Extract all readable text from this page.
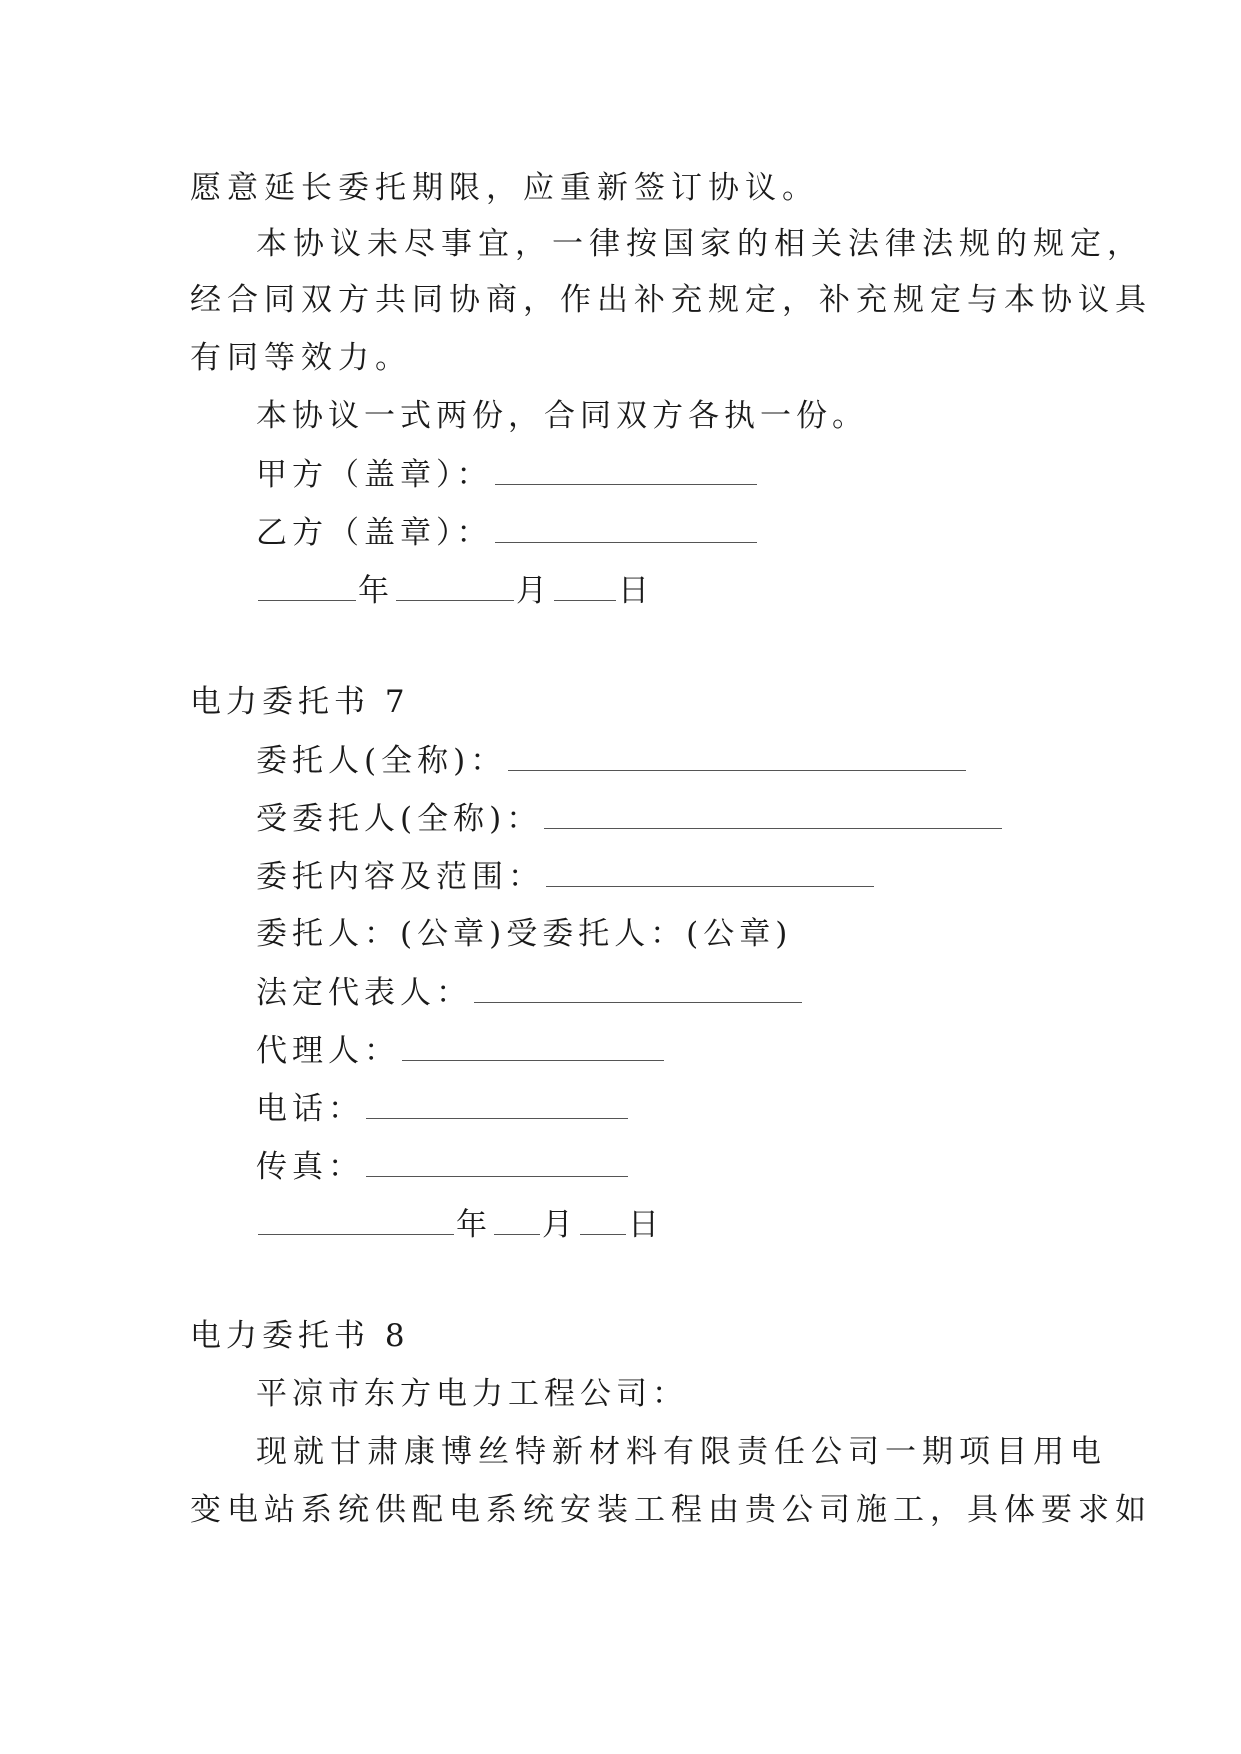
愿意延长委托期限，应重新签订协议。
本协议未尽事宜，一律按国家的相关法律法规的规定，
经合同双方共同协商，作出补充规定，补充规定与本协议具
有同等效力。
本协议一式两份，合同双方各执一份。
甲方（盖章）：
乙方（盖章）：
年	月 日
电力委托书 7
委托人(全称)：
受委托人(全称)：
委托内容及范围：
委托人：(公章)受委托人：(公章)
法定代表人：
代理人：
电话：
传真：
年 月 日
电力委托书 8
平凉市东方电力工程公司：
现就甘肃康博丝特新材料有限责任公司一期项目用电
变电站系统供配电系统安装工程由贵公司施工，具体要求如
